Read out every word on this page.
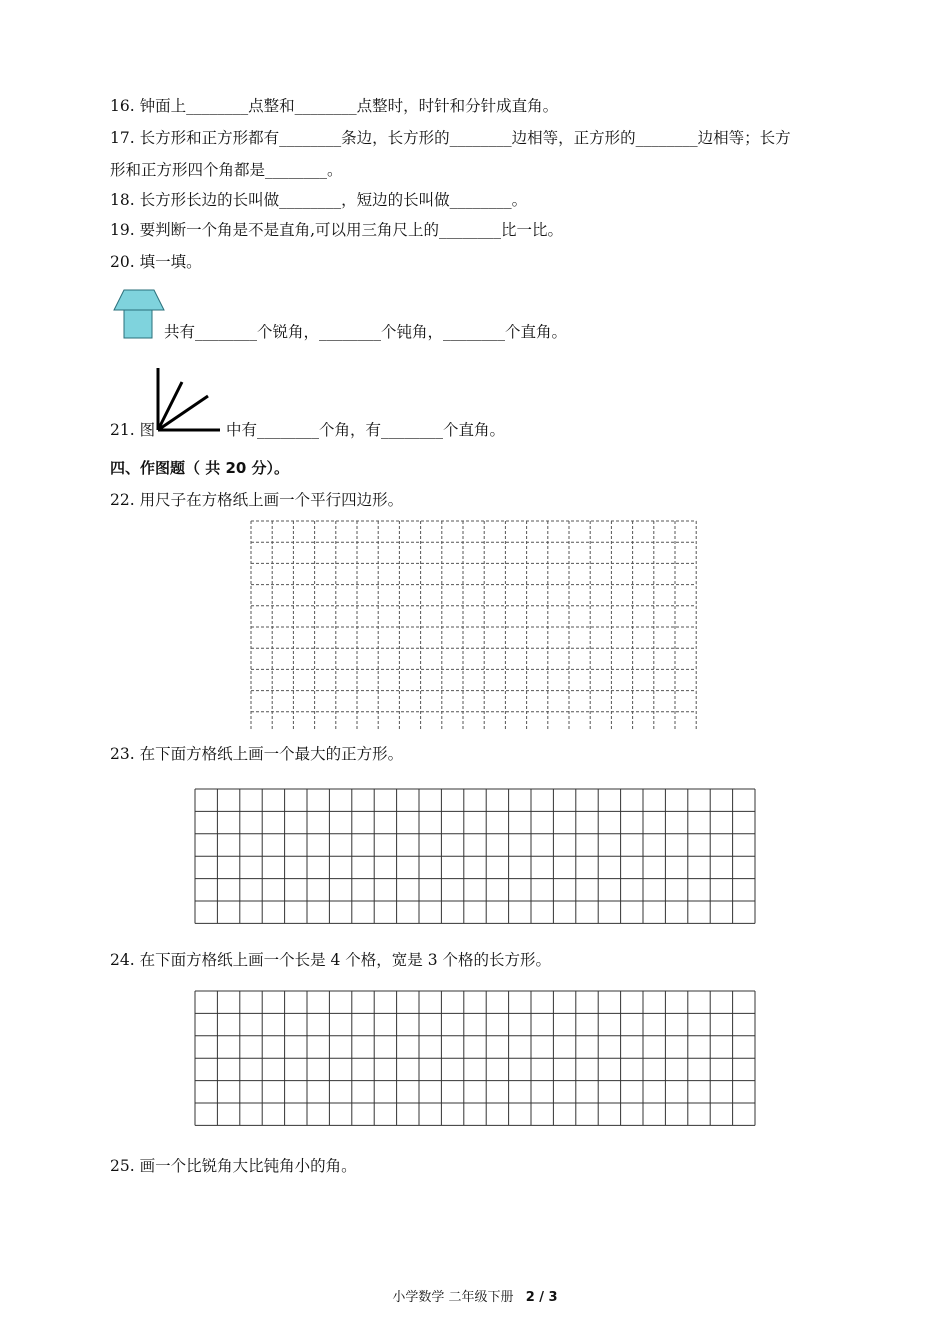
16. 钟面上________点整和________点整时，时针和分针成直角。
17. 长方形和正方形都有________条边，长方形的________边相等，正方形的________边相等；长方
形和正方形四个角都是________。
18. 长方形长边的长叫做________，短边的长叫做________。
19. 要判断一个角是不是直角,可以用三角尺上的________比一比。
20. 填一填。
共有________个锐角，________个钝角，________个直角。
21. 图	中有________个角，有________个直角。
四、作图题（ 共 20 分）。
22. 用尺子在方格纸上画一个平行四边形。
23. 在下面方格纸上画一个最大的正方形。
24. 在下面方格纸上画一个长是 4 个格，宽是 3 个格的长方形。
25. 画一个比锐角大比钝角小的角。
小学数学 二年级下册 2 / 3
